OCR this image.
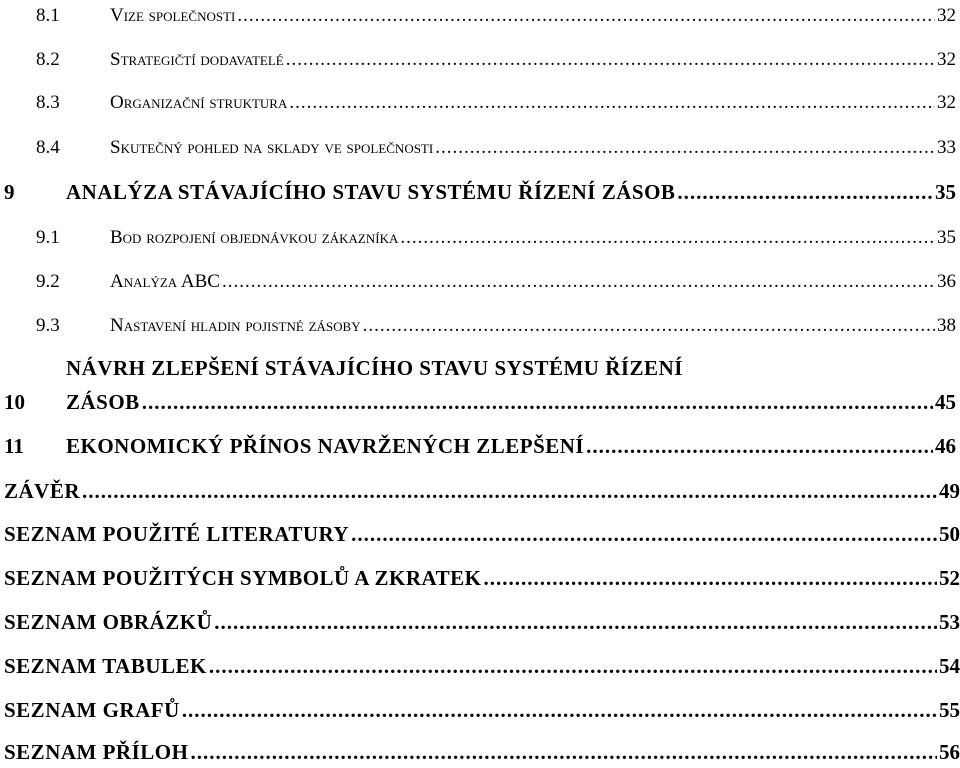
8.1	Vize společnosti .....	32
8.2	Strategičtí dodavatelé .....	32
8.3	Organizační struktura .....	32
8.4	Skutečný pohled na sklady ve společnosti .....	33
9	ANALÝZA STÁVAJÍCÍHO STAVU SYSTÉMU ŘÍZENÍ ZÁSOB .....	35
9.1	Bod rozpojení objednávkou zákazníka .....	35
9.2	Analýza ABC .....	36
9.3	Nastavení hladin pojistné zásoby .....	38
NÁVRH ZLEPŠENÍ STÁVAJÍCÍHO STAVU SYSTÉMU ŘÍZENÍ
10	ZÁSOB .....	45
11	EKONOMICKÝ PŘÍNOS NAVRŽENÝCH ZLEPŠENÍ .....	46
ZÁVĚR .....	49
SEZNAM POUŽITÉ LITERATURY .....	50
SEZNAM POUŽITÝCH SYMBOLŮ A ZKRATEK .....	52
SEZNAM OBRÁZKŮ .....	53
SEZNAM TABULEK .....	54
SEZNAM GRAFŮ .....	55
SEZNAM PŘÍLOH .....	56
